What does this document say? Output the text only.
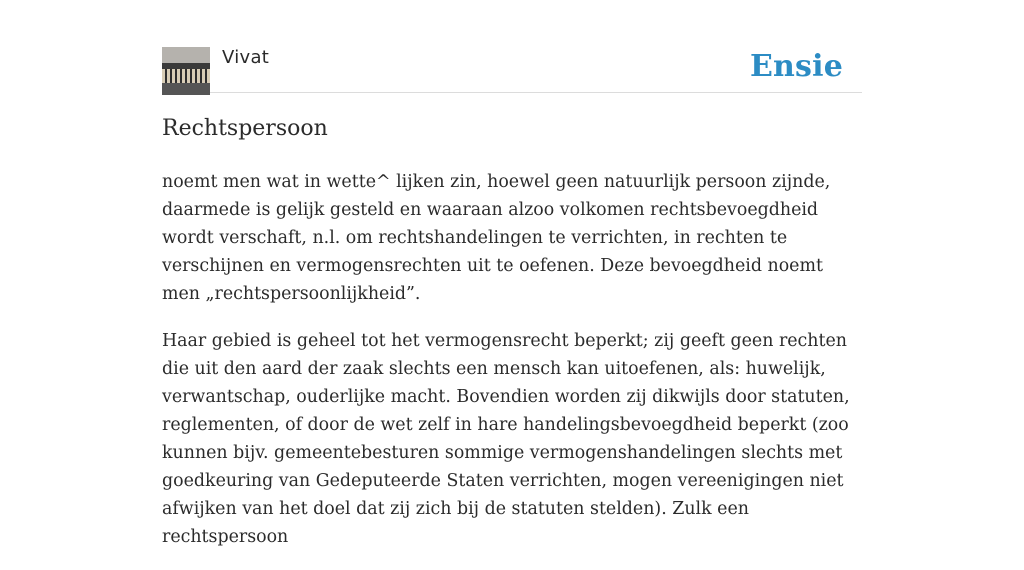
Vivat	Ensie
Rechtspersoon

noemt men wat in wette^ lijken zin, hoewel geen natuurlijk persoon zijnde, daarmede is gelijk gesteld en waaraan alzoo volkomen rechtsbevoegdheid wordt verschaft, n.l. om rechtshandelingen te verrichten, in rechten te verschijnen en vermogensrechten uit te oefenen. Deze bevoegdheid noemt men „rechtspersoonlijkheid”.

Haar gebied is geheel tot het vermogensrecht beperkt; zij geeft geen rechten die uit den aard der zaak slechts een mensch kan uitoefenen, als: huwelijk, verwantschap, ouderlijke macht. Bovendien worden zij dikwijls door statuten, reglementen, of door de wet zelf in hare handelingsbevoegdheid beperkt (zoo kunnen bijv. gemeentebesturen sommige vermogenshandelingen slechts met goedkeuring van Gedeputeerde Staten verrichten, mogen vereenigingen niet afwijken van het doel dat zij zich bij de statuten stelden). Zulk een rechtspersoon
